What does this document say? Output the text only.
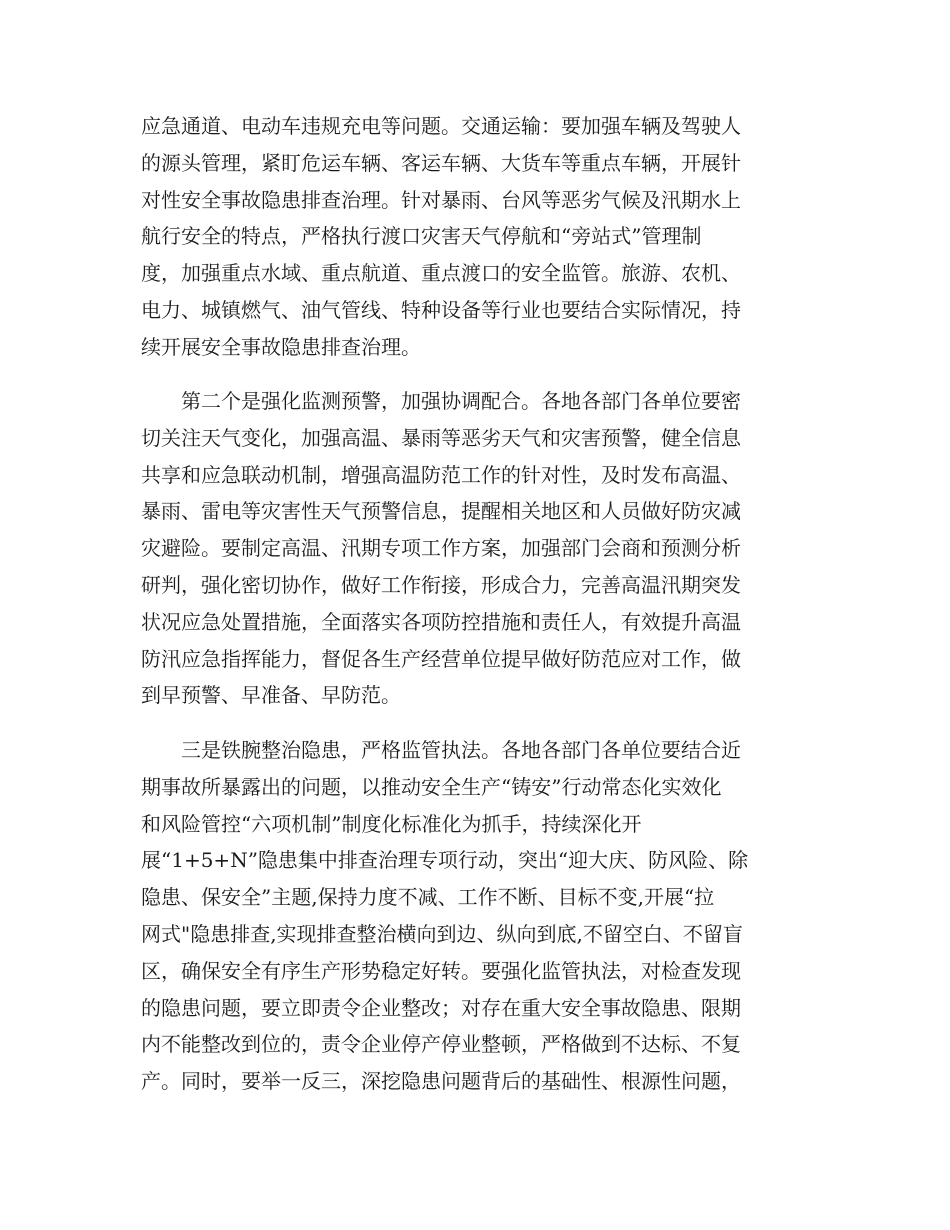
应急通道、电动车违规充电等问题。交通运输：要加强车辆及驾驶人
的源头管理，紧盯危运车辆、客运车辆、大货车等重点车辆，开展针
对性安全事故隐患排查治理。针对暴雨、台风等恶劣气候及汛期水上
航行安全的特点，严格执行渡口灾害天气停航和“旁站式”管理制
度，加强重点水域、重点航道、重点渡口的安全监管。旅游、农机、
电力、城镇燃气、油气管线、特种设备等行业也要结合实际情况，持
续开展安全事故隐患排查治理。
　　第二个是强化监测预警，加强协调配合。各地各部门各单位要密
切关注天气变化，加强高温、暴雨等恶劣天气和灾害预警，健全信息
共享和应急联动机制，增强高温防范工作的针对性，及时发布高温、
暴雨、雷电等灾害性天气预警信息，提醒相关地区和人员做好防灾减
灾避险。要制定高温、汛期专项工作方案，加强部门会商和预测分析
研判，强化密切协作，做好工作衔接，形成合力，完善高温汛期突发
状况应急处置措施，全面落实各项防控措施和责任人，有效提升高温
防汛应急指挥能力，督促各生产经营单位提早做好防范应对工作，做
到早预警、早准备、早防范。
　　三是铁腕整治隐患，严格监管执法。各地各部门各单位要结合近
期事故所暴露出的问题，以推动安全生产“铸安”行动常态化实效化
和风险管控“六项机制”制度化标准化为抓手，持续深化开
展“1+5+N”隐患集中排查治理专项行动，突出“迎大庆、防风险、除
隐患、保安全”主题,保持力度不减、工作不断、目标不变,开展“拉
网式"隐患排查,实现排查整治横向到边、纵向到底,不留空白、不留盲
区，确保安全有序生产形势稳定好转。要强化监管执法，对检查发现
的隐患问题，要立即责令企业整改；对存在重大安全事故隐患、限期
内不能整改到位的，责令企业停产停业整顿，严格做到不达标、不复
产。同时，要举一反三，深挖隐患问题背后的基础性、根源性问题，
